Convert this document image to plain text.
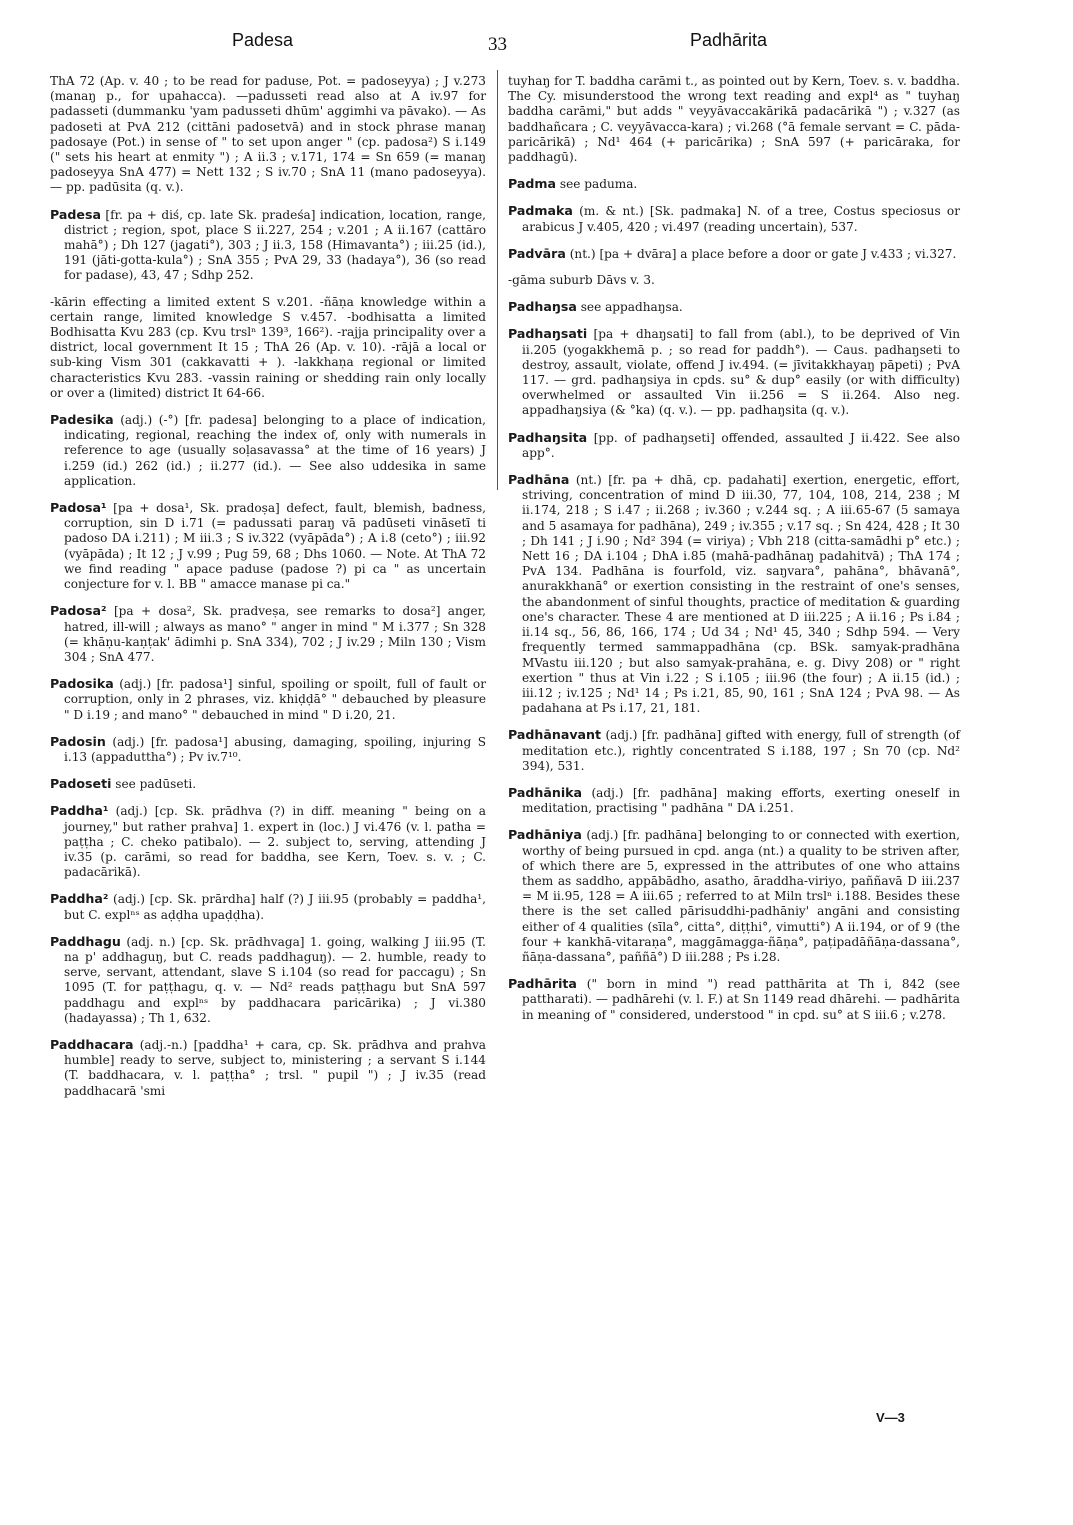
Padesa	33	Padhārita
ThA 72 (Ap. v. 40 ; to be read for paduse, Pot. = padoseyya) ; J v.273 (manaŋ p., for upahacca). —padusseti read also at A iv.97 for padasseti (dummanku 'yam padusseti dhūm' aggimhi va pāvako). — As padoseti at PvA 212 (cittāni padosetvā) and in stock phrase manaŋ padosaye (Pot.) in sense of " to set upon anger " (cp. padosa²) S i.149 (" sets his heart at enmity ") ; A ii.3 ; v.171, 174 = Sn 659 (= manaŋ padoseyya SnA 477) = Nett 132 ; S iv.70 ; SnA 11 (mano padoseyya). — pp. padūsita (q. v.).
Padesa [fr. pa + diś, cp. late Sk. pradeśa] indication, location, range, district ; region, spot, place S ii.227, 254 ; v.201 ; A ii.167 (cattāro mahā°) ; Dh 127 (jagati°), 303 ; J ii.3, 158 (Himavanta°) ; iii.25 (id.), 191 (jāti-gotta-kula°) ; SnA 355 ; PvA 29, 33 (hadaya°), 36 (so read for padase), 43, 47 ; Sdhp 252.
-kārin effecting a limited extent S v.201. -ñāṇa knowledge within a certain range, limited knowledge S v.457. -bodhisatta a limited Bodhisatta Kvu 283 (cp. Kvu trslⁿ 139³, 166²). -rajja principality over a district, local government It 15 ; ThA 26 (Ap. v. 10). -rājā a local or sub-king Vism 301 (cakkavatti + ). -lakkhaṇa regional or limited characteristics Kvu 283. -vassin raining or shedding rain only locally or over a (limited) district It 64-66.
Padesika (adj.) (-°) [fr. padesa] belonging to a place of indication, indicating, regional, reaching the index of, only with numerals in reference to age (usually soḷasavassa° at the time of 16 years) J i.259 (id.) 262 (id.) ; ii.277 (id.). — See also uddesika in same application.
Padosa¹ [pa + dosa¹, Sk. pradoṣa] defect, fault, blemish, badness, corruption, sin D i.71 (= padussati paraŋ vā padūseti vināsetī ti padoso DA i.211) ; M iii.3 ; S iv.322 (vyāpāda°) ; A i.8 (ceto°) ; iii.92 (vyāpāda) ; It 12 ; J v.99 ; Pug 59, 68 ; Dhs 1060. — Note. At ThA 72 we find reading " apace paduse (padose ?) pi ca " as uncertain conjecture for v. l. BB " amacce manase pi ca."
Padosa² [pa + dosa², Sk. pradveṣa, see remarks to dosa²] anger, hatred, ill-will ; always as mano° " anger in mind " M i.377 ; Sn 328 (= khāṇu-kaṇṭak' ādimhi p. SnA 334), 702 ; J iv.29 ; Miln 130 ; Vism 304 ; SnA 477.
Padosika (adj.) [fr. padosa¹] sinful, spoiling or spoilt, full of fault or corruption, only in 2 phrases, viz. khiḍḍā° " debauched by pleasure " D i.19 ; and mano° " debauched in mind " D i.20, 21.
Padosin (adj.) [fr. padosa¹] abusing, damaging, spoiling, injuring S i.13 (appaduttha°) ; Pv iv.7¹⁰.
Padoseti see padūseti.
Paddha¹ (adj.) [cp. Sk. prādhva (?) in diff. meaning " being on a journey," but rather prahva] 1. expert in (loc.) J vi.476 (v. l. patha = paṭṭha ; C. cheko patibalo). — 2. subject to, serving, attending J iv.35 (p. carāmi, so read for baddha, see Kern, Toev. s. v. ; C. padacārikā).
Paddha² (adj.) [cp. Sk. prārdha] half (?) J iii.95 (probably = paddha¹, but C. explⁿˢ as aḍḍha upaḍḍha).
Paddhagu (adj. n.) [cp. Sk. prādhvaga] 1. going, walking J iii.95 (T. na p' addhaguŋ, but C. reads paddhaguŋ). — 2. humble, ready to serve, servant, attendant, slave S i.104 (so read for paccagu) ; Sn 1095 (T. for paṭṭhagu, q. v. — Nd² reads paṭṭhagu but SnA 597 paddhagu and explⁿˢ by paddhacara paricārika) ; J vi.380 (hadayassa) ; Th 1, 632.
Paddhacara (adj.-n.) [paddha¹ + cara, cp. Sk. prādhva and prahva humble] ready to serve, subject to, ministering ; a servant S i.144 (T. baddhacara, v. l. paṭṭha° ; trsl. " pupil ") ; J iv.35 (read paddhacarā 'smi
tuyhaŋ for T. baddha carāmi t., as pointed out by Kern, Toev. s. v. baddha. The Cy. misunderstood the wrong text reading and expl⁴ as " tuyhaŋ baddha carāmi," but adds " veyyāvaccakārikā padacārikā ") ; v.327 (as baddhañcara ; C. veyyāvacca-kara) ; vi.268 (°ā female servant = C. pāda-paricārikā) ; Nd¹ 464 (+ paricārika) ; SnA 597 (+ paricāraka, for paddhagū).
Padma see paduma.
Padmaka (m. & nt.) [Sk. padmaka] N. of a tree, Costus speciosus or arabicus J v.405, 420 ; vi.497 (reading uncertain), 537.
Padvāra (nt.) [pa + dvāra] a place before a door or gate J v.433 ; vi.327.
-gāma suburb Dāvs v. 3.
Padhaŋsa see appadhaŋsa.
Padhaŋsati [pa + dhaŋsati] to fall from (abl.), to be deprived of Vin ii.205 (yogakkhemā p. ; so read for paddh°). — Caus. padhaŋseti to destroy, assault, violate, offend J iv.494. (= jīvitakkhayaŋ pāpeti) ; PvA 117. — grd. padhaŋsiya in cpds. su° & dup° easily (or with difficulty) overwhelmed or assaulted Vin ii.256 = S ii.264. Also neg. appadhaŋsiya (& °ka) (q. v.). — pp. padhaŋsita (q. v.).
Padhaŋsita [pp. of padhaŋseti] offended, assaulted J ii.422. See also app°.
Padhāna (nt.) [fr. pa + dhā, cp. padahati] exertion, energetic, effort, striving, concentration of mind D iii.30, 77, 104, 108, 214, 238 ; M ii.174, 218 ; S i.47 ; ii.268 ; iv.360 ; v.244 sq. ; A iii.65-67 (5 samaya and 5 asamaya for padhāna), 249 ; iv.355 ; v.17 sq. ; Sn 424, 428 ; It 30 ; Dh 141 ; J i.90 ; Nd² 394 (= viriya) ; Vbh 218 (citta-samādhi p° etc.) ; Nett 16 ; DA i.104 ; DhA i.85 (mahā-padhānaŋ padahitvā) ; ThA 174 ; PvA 134. Padhāna is fourfold, viz. saŋvara°, pahāna°, bhāvanā°, anurakkhanā° or exertion consisting in the restraint of one's senses, the abandonment of sinful thoughts, practice of meditation & guarding one's character. These 4 are mentioned at D iii.225 ; A ii.16 ; Ps i.84 ; ii.14 sq., 56, 86, 166, 174 ; Ud 34 ; Nd¹ 45, 340 ; Sdhp 594. — Very frequently termed sammappadhāna (cp. BSk. samyak-pradhāna MVastu iii.120 ; but also samyak-prahāna, e. g. Divy 208) or " right exertion " thus at Vin i.22 ; S i.105 ; iii.96 (the four) ; A ii.15 (id.) ; iii.12 ; iv.125 ; Nd¹ 14 ; Ps i.21, 85, 90, 161 ; SnA 124 ; PvA 98. — As padahana at Ps i.17, 21, 181.
Padhānavant (adj.) [fr. padhāna] gifted with energy, full of strength (of meditation etc.), rightly concentrated S i.188, 197 ; Sn 70 (cp. Nd² 394), 531.
Padhānika (adj.) [fr. padhāna] making efforts, exerting oneself in meditation, practising " padhāna " DA i.251.
Padhāniya (adj.) [fr. padhāna] belonging to or connected with exertion, worthy of being pursued in cpd. anga (nt.) a quality to be striven after, of which there are 5, expressed in the attributes of one who attains them as saddho, appābādho, asatho, āraddha-viriyo, paññavā D iii.237 = M ii.95, 128 = A iii.65 ; referred to at Miln trslⁿ i.188. Besides these there is the set called pārisuddhi-padhāniy' angāni and consisting either of 4 qualities (sīla°, citta°, diṭṭhi°, vimutti°) A ii.194, or of 9 (the four + kankhā-vitaraṇa°, maggāmagga-ñāṇa°, paṭipadāñāṇa-dassana°, ñāṇa-dassana°, paññā°) D iii.288 ; Ps i.28.
Padhārita (" born in mind ") read patthārita at Th i, 842 (see pattharati). — padhārehi (v. l. F.) at Sn 1149 read dhārehi. — padhārita in meaning of " considered, understood " in cpd. su° at S iii.6 ; v.278.
V—3
